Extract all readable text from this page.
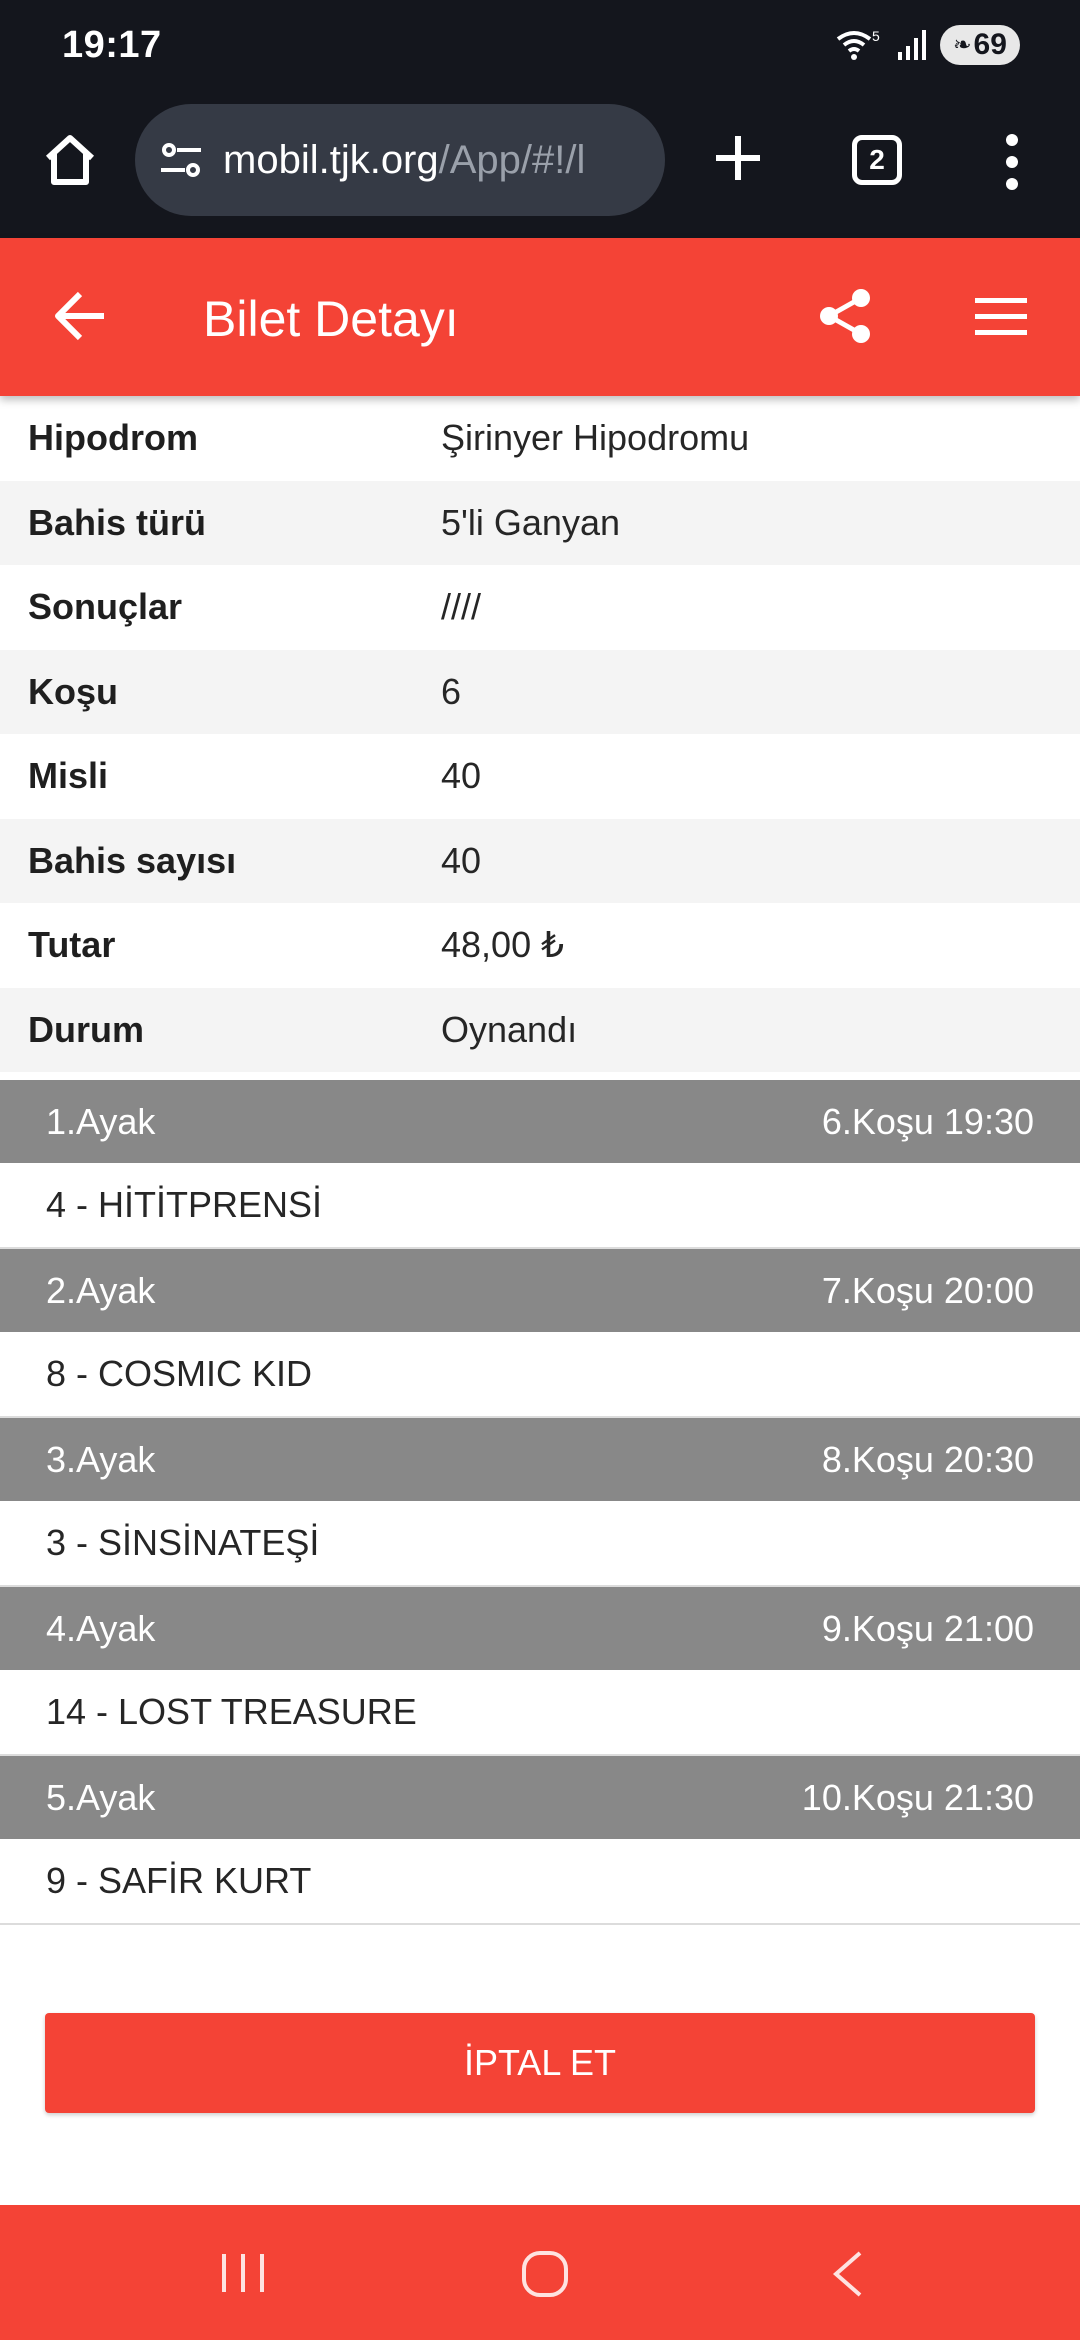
19:17	5	❧ 69
mobil.tjk.org/App/#!/l	2
Bilet Detayı
Hipodrom	Şirinyer Hipodromu
Bahis türü	5'li Ganyan
Sonuçlar	////
Koşu	6
Misli	40
Bahis sayısı	40
Tutar	48,00 ₺
Durum	Oynandı
1.Ayak	6.Koşu 19:30
4 - HİTİTPRENSİ
2.Ayak	7.Koşu 20:00
8 - COSMIC KID
3.Ayak	8.Koşu 20:30
3 - SİNSİNATEŞİ
4.Ayak	9.Koşu 21:00
14 - LOST TREASURE
5.Ayak	10.Koşu 21:30
9 - SAFİR KURT
İPTAL ET
